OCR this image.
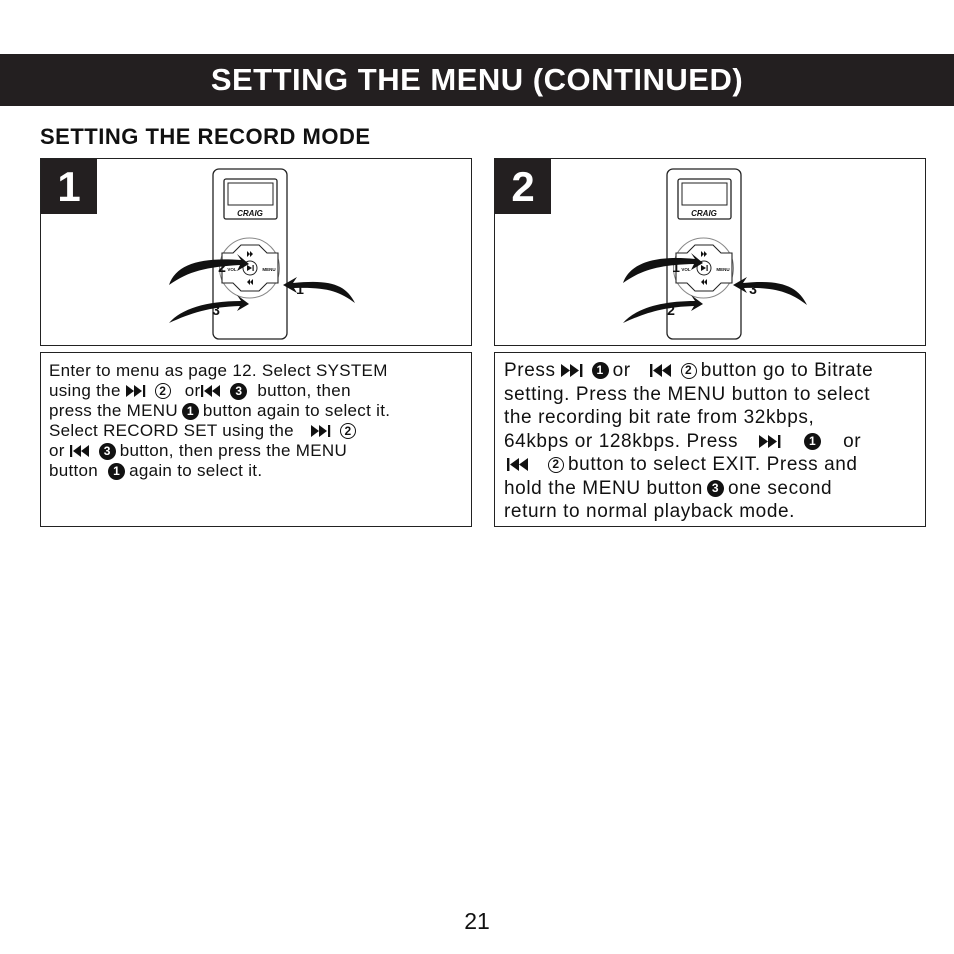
SETTING THE MENU (CONTINUED)
SETTING THE RECORD MODE
1
CRAIG
VOL	MENU
2
1
3
2
CRAIG
VOL	MENU
1
3
2
Enter to menu as page 12. Select SYSTEM
using the	2 or	3 button, then
press the MENU 1 button again to select it.
Select RECORD SET using the	2
or	3 button, then press the MENU
button	1 again to select it.
Press	1 or	2 button go to Bitrate
setting. Press the MENU button to select
the recording bit rate from 32kbps,
64kbps or 128kbps. Press	1 or
2 button to select EXIT. Press and
hold the MENU button 3 one second
return to normal playback mode.
21
